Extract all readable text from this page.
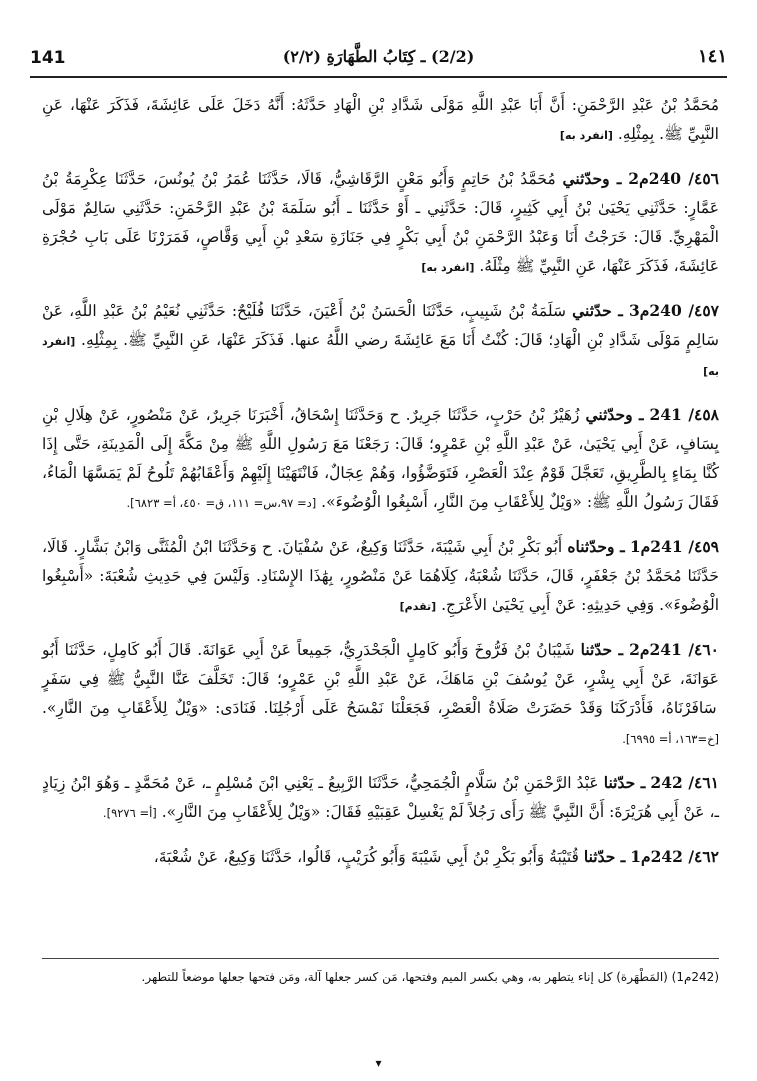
141	(2/2) ـ كِتَابُ الطَّهَارَةِ (٢/٢)	١٤١

مُحَمَّدُ بْنُ عَبْدِ الرَّحْمَنِ: أَنَّ أَبَا عَبْدِ اللَّهِ مَوْلَى شَدَّادِ بْنِ الْهَادِ حَدَّثَهُ: أَنَّهُ دَخَلَ عَلَى عَائِشَةَ، فَذَكَرَ عَنْهَا، عَنِ النَّبِيِّ ﷺ. بِمِثْلِهِ. [انفرد به]

٤٥٦/ 240م2 ـ وحدّثني مُحَمَّدُ بْنُ حَاتِمٍ وَأَبُو مَعْنٍ الرَّقَاشِيُّ، قَالَا، حَدَّثَنَا عُمَرُ بْنُ يُونُسَ، حَدَّثَنَا عِكْرِمَةُ بْنُ عَمَّارٍ: حَدَّثَنِي يَحْيَىٰ بْنُ أَبِي كَثِيرٍ، قَالَ: حَدَّثَنِي ـ أَوْ حَدَّثَنَا ـ أَبُو سَلَمَةَ بْنُ عَبْدِ الرَّحْمَنِ: حَدَّثَنِي سَالِمٌ مَوْلَى الْمَهْرِيِّ. قَالَ: خَرَجْتُ أَنَا وَعَبْدُ الرَّحْمَنِ بْنُ أَبِي بَكْرٍ فِي جَنَازَةِ سَعْدِ بْنِ أَبِي وَقَّاصٍ، فَمَرَرْنَا عَلَى بَابِ حُجْرَةِ عَائِشَةَ، فَذَكَرَ عَنْهَا، عَنِ النَّبِيِّ ﷺ مِثْلَهُ. [انفرد به]

٤٥٧/ 240م3 ـ حدّثني سَلَمَةُ بْنُ شَبِيبٍ، حَدَّثَنَا الْحَسَنُ بْنُ أَعْيَنَ، حَدَّثَنَا فُلَيْحٌ: حَدَّثَنِي نُعَيْمُ بْنُ عَبْدِ اللَّهِ، عَنْ سَالِمٍ مَوْلَى شَدَّادِ بْنِ الْهَادِ؛ قَالَ: كُنْتُ أَنَا مَعَ عَائِشَةَ رضي اللَّهُ عنها. فَذَكَرَ عَنْهَا، عَنِ النَّبِيِّ ﷺ. بِمِثْلِهِ. [انفرد به]

٤٥٨/ 241 ـ وحدّثني زُهَيْرُ بْنُ حَرْبٍ، حَدَّثَنَا جَرِيرٌ. ح وَحَدَّثَنَا إِسْحَاقُ، أَخْبَرَنَا جَرِيرٌ، عَنْ مَنْصُورٍ، عَنْ هِلَالِ بْنِ يِسَافٍ، عَنْ أَبِي يَحْيَىٰ، عَنْ عَبْدِ اللَّهِ بْنِ عَمْرٍو؛ قَالَ: رَجَعْنَا مَعَ رَسُولِ اللَّهِ ﷺ مِنْ مَكَّةَ إِلَى الْمَدِينَةِ، حَتَّى إِذَا كُنَّا بِمَاءٍ بِالطَّرِيقِ، تَعَجَّلَ قَوْمٌ عِنْدَ الْعَصْرِ، فَتَوَضَّؤُوا، وَهُمْ عِجَالٌ، فَانْتَهَيْنَا إِلَيْهِمْ وَأَعْقَابُهُمْ تَلُوحُ لَمْ يَمَسَّهَا الْمَاءُ، فَقَالَ رَسُولُ اللَّهِ ﷺ: «وَيْلٌ لِلأَعْقَابِ مِنَ النَّارِ، أَسْبِغُوا الْوُضُوءَ». [د= ٩٧،س= ١١١، ق= ٤٥٠، أ= ٦٨٢٣].

٤٥٩/ 241م1 ـ وحدّثناه أَبُو بَكْرِ بْنُ أَبِي شَيْبَةَ، حَدَّثَنَا وَكِيعٌ، عَنْ سُفْيَانَ. ح وَحَدَّثَنَا ابْنُ الْمُثَنَّى وَابْنُ بَشَّارٍ. قَالَا، حَدَّثَنَا مُحَمَّدُ بْنُ جَعْفَرٍ، قَالَ، حَدَّثَنَا شُعْبَةُ، كِلَاهُمَا عَنْ مَنْصُورٍ، بِهَٰذَا الإِسْنَادِ. وَلَيْسَ فِي حَدِيثِ شُعْبَةَ: «أَسْبِغُوا الْوُضُوءَ». وَفِي حَدِيثِهِ: عَنْ أَبِي يَحْيَىٰ الأَعْرَجِ. [تقدم]

٤٦٠/ 241م2 ـ حدّثنا شَيْبَانُ بْنُ فَرُّوخَ وَأَبُو كَامِلٍ الْجَحْدَرِيُّ، جَمِيعاً عَنْ أَبِي عَوَانَةَ. قَالَ أَبُو كَامِلٍ، حَدَّثَنَا أَبُو عَوَانَةَ، عَنْ أَبِي بِشْرٍ، عَنْ يُوسُفَ بْنِ مَاهَكَ، عَنْ عَبْدِ اللَّهِ بْنِ عَمْرٍو؛ قَالَ: تَخَلَّفَ عَنَّا النَّبِيُّ ﷺ فِي سَفَرٍ سَافَرْنَاهُ، فَأَدْرَكَنَا وَقَدْ حَضَرَتْ صَلَاةُ الْعَصْرِ، فَجَعَلْنَا نَمْسَحُ عَلَى أَرْجُلِنَا. فَنَادَى: «وَيْلٌ لِلأَعْقَابِ مِنَ النَّارِ». [خ=١٦٣، أ= ٦٩٩٥].

٤٦١/ 242 ـ حدّثنا عَبْدُ الرَّحْمَنِ بْنُ سَلَّامٍ الْجُمَحِيُّ، حَدَّثَنَا الرَّبِيعُ ـ يَعْنِي ابْنَ مُسْلِمٍ ـ، عَنْ مُحَمَّدٍ ـ وَهُوَ ابْنُ زِيَادٍ ـ، عَنْ أَبِي هُرَيْرَةَ: أَنَّ النَّبِيَّ ﷺ رَأَى رَجُلاً لَمْ يَغْسِلْ عَقِبَيْهِ فَقَالَ: «وَيْلٌ لِلأَعْقَابِ مِنَ النَّارِ». [أ= ٩٢٧٦].

٤٦٢/ 242م1 ـ حدّثنا قُتَيْبَةُ وَأَبُو بَكْرِ بْنُ أَبِي شَيْبَةَ وَأَبُو كُرَيْبٍ، قَالُوا، حَدَّثَنَا وَكِيعٌ، عَنْ شُعْبَةَ،

(242م1) (المَطْهَرة) كل إناء يتطهر به، وهي بكسر الميم وفتحها، مَن كسر جعلها آلة، ومَن فتحها جعلها موضعاً للتطهر.
▾
